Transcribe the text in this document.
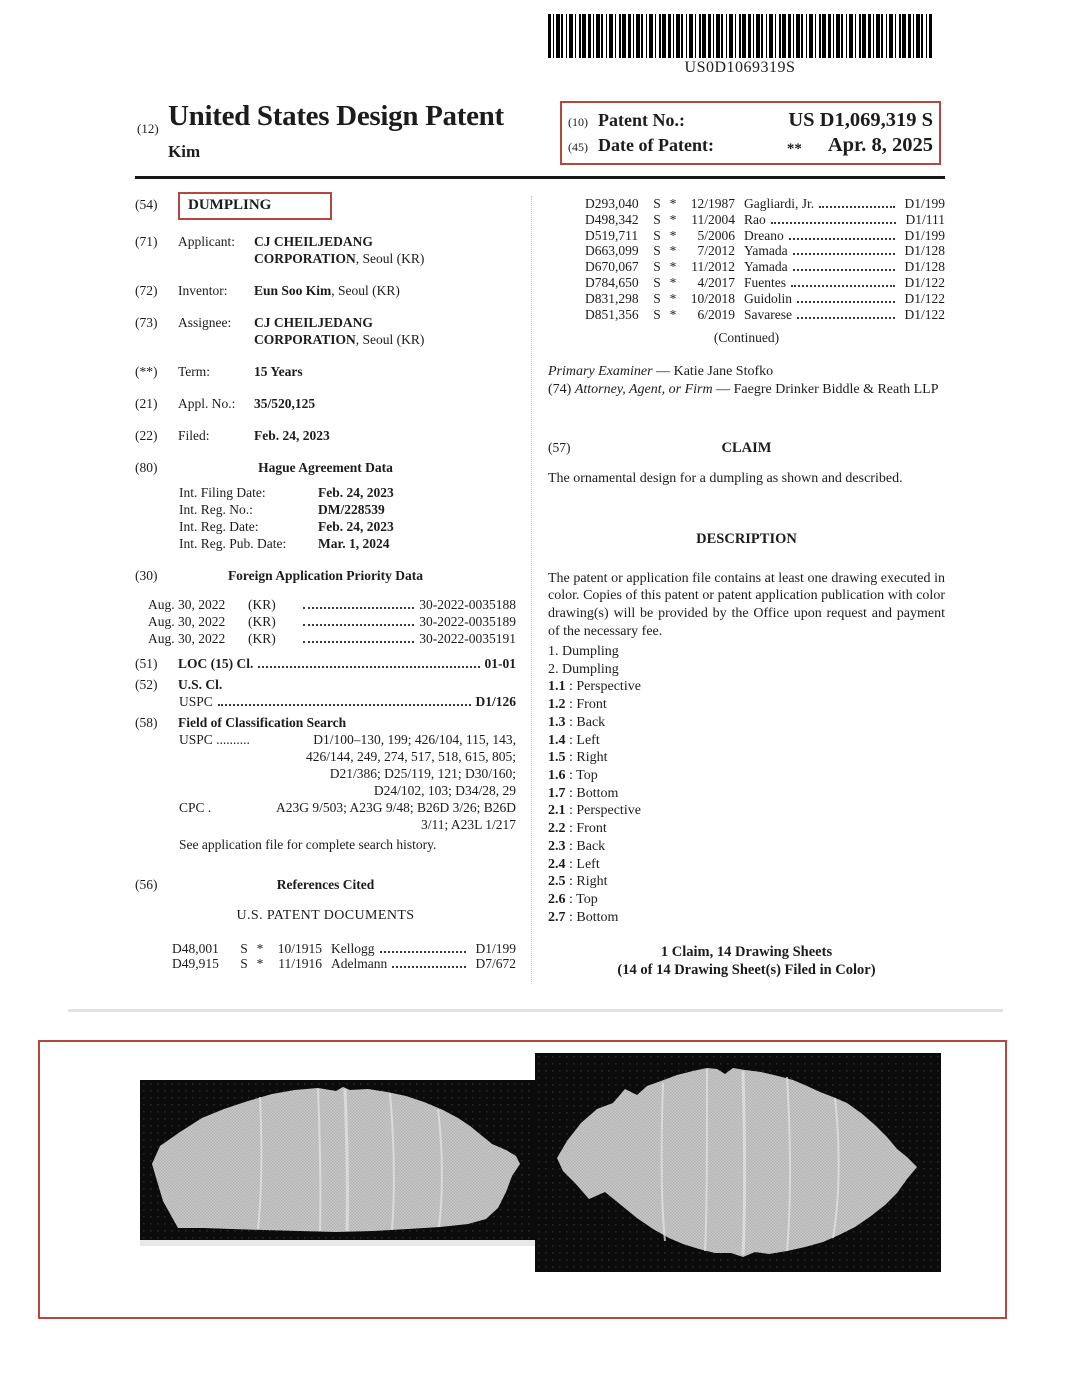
US0D1069319S
(12) United States Design Patent
Kim
(10) Patent No.:	US D1,069,319 S
(45) Date of Patent:	** Apr. 8, 2025
(54)	DUMPLING
(71)	Applicant:	CJ CHEILJEDANG
CORPORATION, Seoul (KR)
(72)	Inventor:	Eun Soo Kim, Seoul (KR)
(73)	Assignee:	CJ CHEILJEDANG
CORPORATION, Seoul (KR)
(**)	Term:	15 Years
(21)	Appl. No.:	35/520,125
(22)	Filed:	Feb. 24, 2023
(80)	Hague Agreement Data
Int. Filing Date:	Feb. 24, 2023
Int. Reg. No.:	DM/228539
Int. Reg. Date:	Feb. 24, 2023
Int. Reg. Pub. Date:	Mar. 1, 2024
(30)	Foreign Application Priority Data
Aug. 30, 2022	(KR)	30-2022-0035188
Aug. 30, 2022	(KR)	30-2022-0035189
Aug. 30, 2022	(KR)	30-2022-0035191
(51)	LOC (15) Cl.	01-01
(52)	U.S. Cl.
USPC	D1/126
(58)	Field of Classification Search
USPC ..........	D1/100–130, 199; 426/104, 115, 143,
426/144, 249, 274, 517, 518, 615, 805;
D21/386; D25/119, 121; D30/160;
D24/102, 103; D34/28, 29
CPC .	A23G 9/503; A23G 9/48; B26D 3/26; B26D
3/11; A23L 1/217
See application file for complete search history.
(56)	References Cited
U.S. PATENT DOCUMENTS
D48,001	S *	10/1915 Kellogg	D1/199
D49,915	S *	11/1916 Adelmann	D7/672
D293,040	S *	12/1987 Gagliardi, Jr.	D1/199
D498,342	S *	11/2004 Rao	D1/111
D519,711	S *	5/2006 Dreano	D1/199
D663,099	S *	7/2012 Yamada	D1/128
D670,067	S *	11/2012 Yamada	D1/128
D784,650	S *	4/2017 Fuentes	D1/122
D831,298	S *	10/2018 Guidolin	D1/122
D851,356	S *	6/2019 Savarese	D1/122
(Continued)
Primary Examiner — Katie Jane Stofko
(74) Attorney, Agent, or Firm — Faegre Drinker Biddle & Reath LLP
(57)	CLAIM
The ornamental design for a dumpling as shown and described.
DESCRIPTION
The patent or application file contains at least one drawing executed in color. Copies of this patent or patent application publication with color drawing(s) will be provided by the Office upon request and payment of the necessary fee.
1. Dumpling
2. Dumpling
1.1 : Perspective
1.2 : Front
1.3 : Back
1.4 : Left
1.5 : Right
1.6 : Top
1.7 : Bottom
2.1 : Perspective
2.2 : Front
2.3 : Back
2.4 : Left
2.5 : Right
2.6 : Top
2.7 : Bottom
1 Claim, 14 Drawing Sheets
(14 of 14 Drawing Sheet(s) Filed in Color)
